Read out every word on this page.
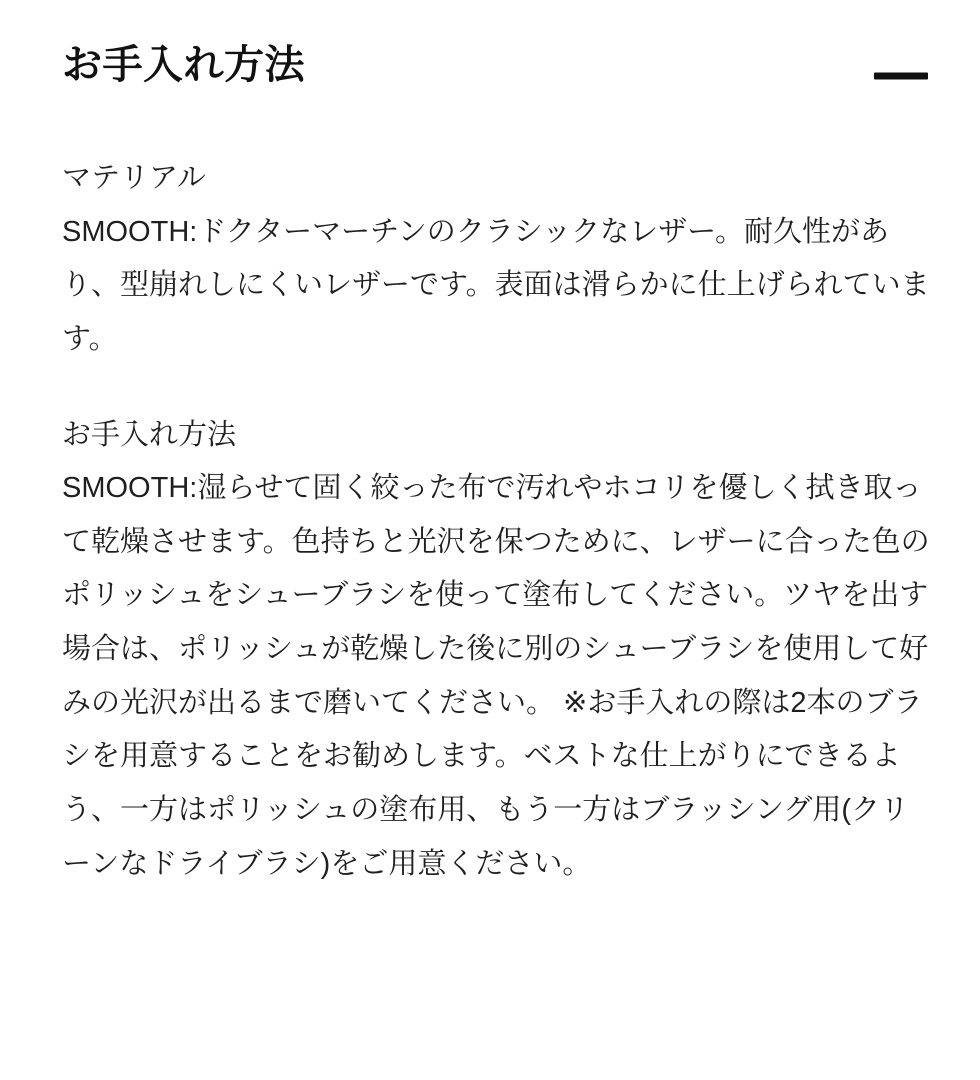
お手入れ方法

マテリアル

SMOOTH:ドクターマーチンのクラシックなレザー。耐久性があり、型崩れしにくいレザーです。表面は滑らかに仕上げられています。

お手入れ方法

SMOOTH:湿らせて固く絞った布で汚れやホコリを優しく拭き取って乾燥させます。色持ちと光沢を保つために、レザーに合った色のポリッシュをシューブラシを使って塗布してください。ツヤを出す場合は、ポリッシュが乾燥した後に別のシューブラシを使用して好みの光沢が出るまで磨いてください。 ※お手入れの際は2本のブラシを用意することをお勧めします。ベストな仕上がりにできるよう、一方はポリッシュの塗布用、もう一方はブラッシング用(クリーンなドライブラシ)をご用意ください。
